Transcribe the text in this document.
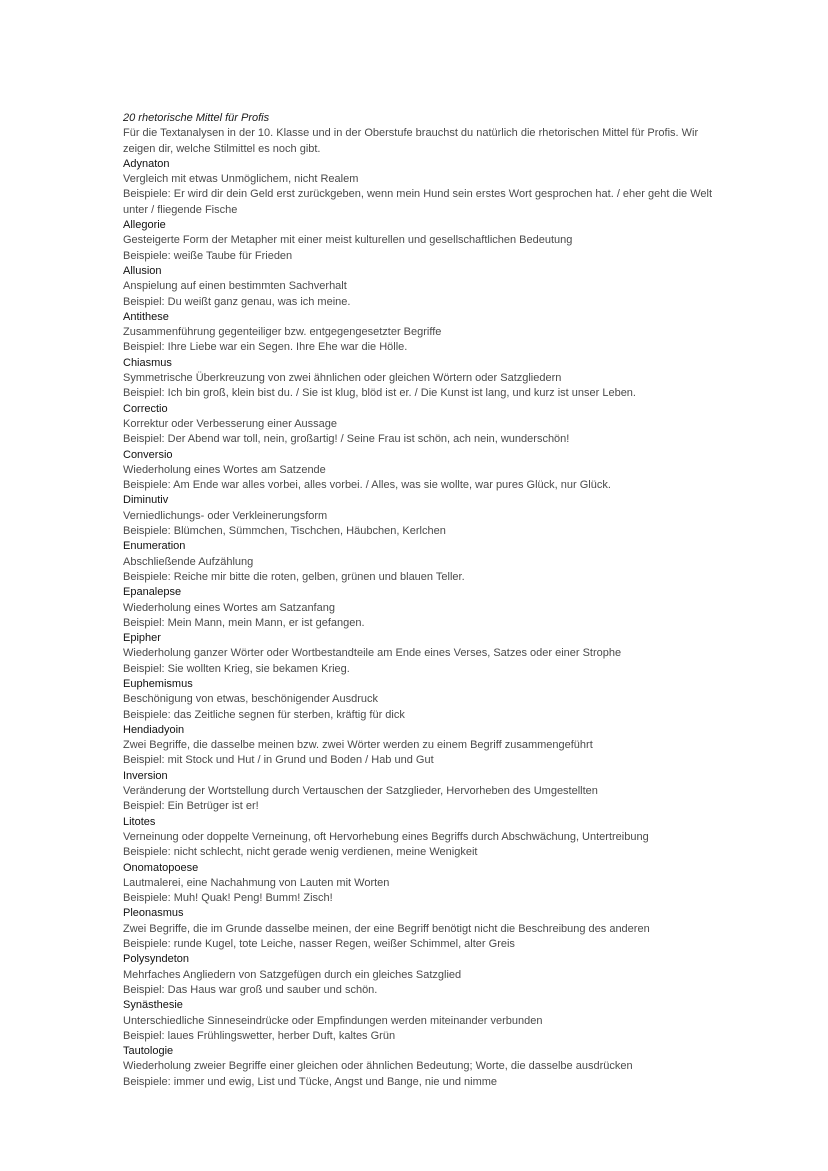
20 rhetorische Mittel für Profis

Für die Textanalysen in der 10. Klasse und in der Oberstufe brauchst du natürlich die rhetorischen Mittel für Profis. Wir zeigen dir, welche Stilmittel es noch gibt.

Adynaton
Vergleich mit etwas Unmöglichem, nicht Realem
Beispiele: Er wird dir dein Geld erst zurückgeben, wenn mein Hund sein erstes Wort gesprochen hat. / eher geht die Welt unter / fliegende Fische
Allegorie
Gesteigerte Form der Metapher mit einer meist kulturellen und gesellschaftlichen Bedeutung
Beispiele: weiße Taube für Frieden
Allusion
Anspielung auf einen bestimmten Sachverhalt
Beispiel: Du weißt ganz genau, was ich meine.
Antithese
Zusammenführung gegenteiliger bzw. entgegengesetzter Begriffe
Beispiel: Ihre Liebe war ein Segen. Ihre Ehe war die Hölle.
Chiasmus
Symmetrische Überkreuzung von zwei ähnlichen oder gleichen Wörtern oder Satzgliedern
Beispiel: Ich bin groß, klein bist du. / Sie ist klug, blöd ist er. / Die Kunst ist lang, und kurz ist unser Leben.
Correctio
Korrektur oder Verbesserung einer Aussage
Beispiel: Der Abend war toll, nein, großartig! / Seine Frau ist schön, ach nein, wunderschön!
Conversio
Wiederholung eines Wortes am Satzende
Beispiele: Am Ende war alles vorbei, alles vorbei. / Alles, was sie wollte, war pures Glück, nur Glück.
Diminutiv
Verniedlichungs- oder Verkleinerungsform
Beispiele: Blümchen, Sümmchen, Tischchen, Häubchen, Kerlchen
Enumeration
Abschließende Aufzählung
Beispiele: Reiche mir bitte die roten, gelben, grünen und blauen Teller.
Epanalepse
Wiederholung eines Wortes am Satzanfang
Beispiel: Mein Mann, mein Mann, er ist gefangen.
Epipher
Wiederholung ganzer Wörter oder Wortbestandteile am Ende eines Verses, Satzes oder einer Strophe
Beispiel: Sie wollten Krieg, sie bekamen Krieg.
Euphemismus
Beschönigung von etwas, beschönigender Ausdruck
Beispiele: das Zeitliche segnen für sterben, kräftig für dick
Hendiadyoin
Zwei Begriffe, die dasselbe meinen bzw. zwei Wörter werden zu einem Begriff zusammengeführt
Beispiel: mit Stock und Hut / in Grund und Boden / Hab und Gut
Inversion
Veränderung der Wortstellung durch Vertauschen der Satzglieder, Hervorheben des Umgestellten
Beispiel: Ein Betrüger ist er!
Litotes
Verneinung oder doppelte Verneinung, oft Hervorhebung eines Begriffs durch Abschwächung, Untertreibung
Beispiele: nicht schlecht, nicht gerade wenig verdienen, meine Wenigkeit
Onomatopoese
Lautmalerei, eine Nachahmung von Lauten mit Worten
Beispiele: Muh! Quak! Peng! Bumm! Zisch!
Pleonasmus
Zwei Begriffe, die im Grunde dasselbe meinen, der eine Begriff benötigt nicht die Beschreibung des anderen
Beispiele: runde Kugel, tote Leiche, nasser Regen, weißer Schimmel, alter Greis
Polysyndeton
Mehrfaches Angliedern von Satzgefügen durch ein gleiches Satzglied
Beispiel: Das Haus war groß und sauber und schön.
Synästhesie
Unterschiedliche Sinneseindrücke oder Empfindungen werden miteinander verbunden
Beispiel: laues Frühlingswetter, herber Duft, kaltes Grün
Tautologie
Wiederholung zweier Begriffe einer gleichen oder ähnlichen Bedeutung; Worte, die dasselbe ausdrücken
Beispiele: immer und ewig, List und Tücke, Angst und Bange, nie und nimme
